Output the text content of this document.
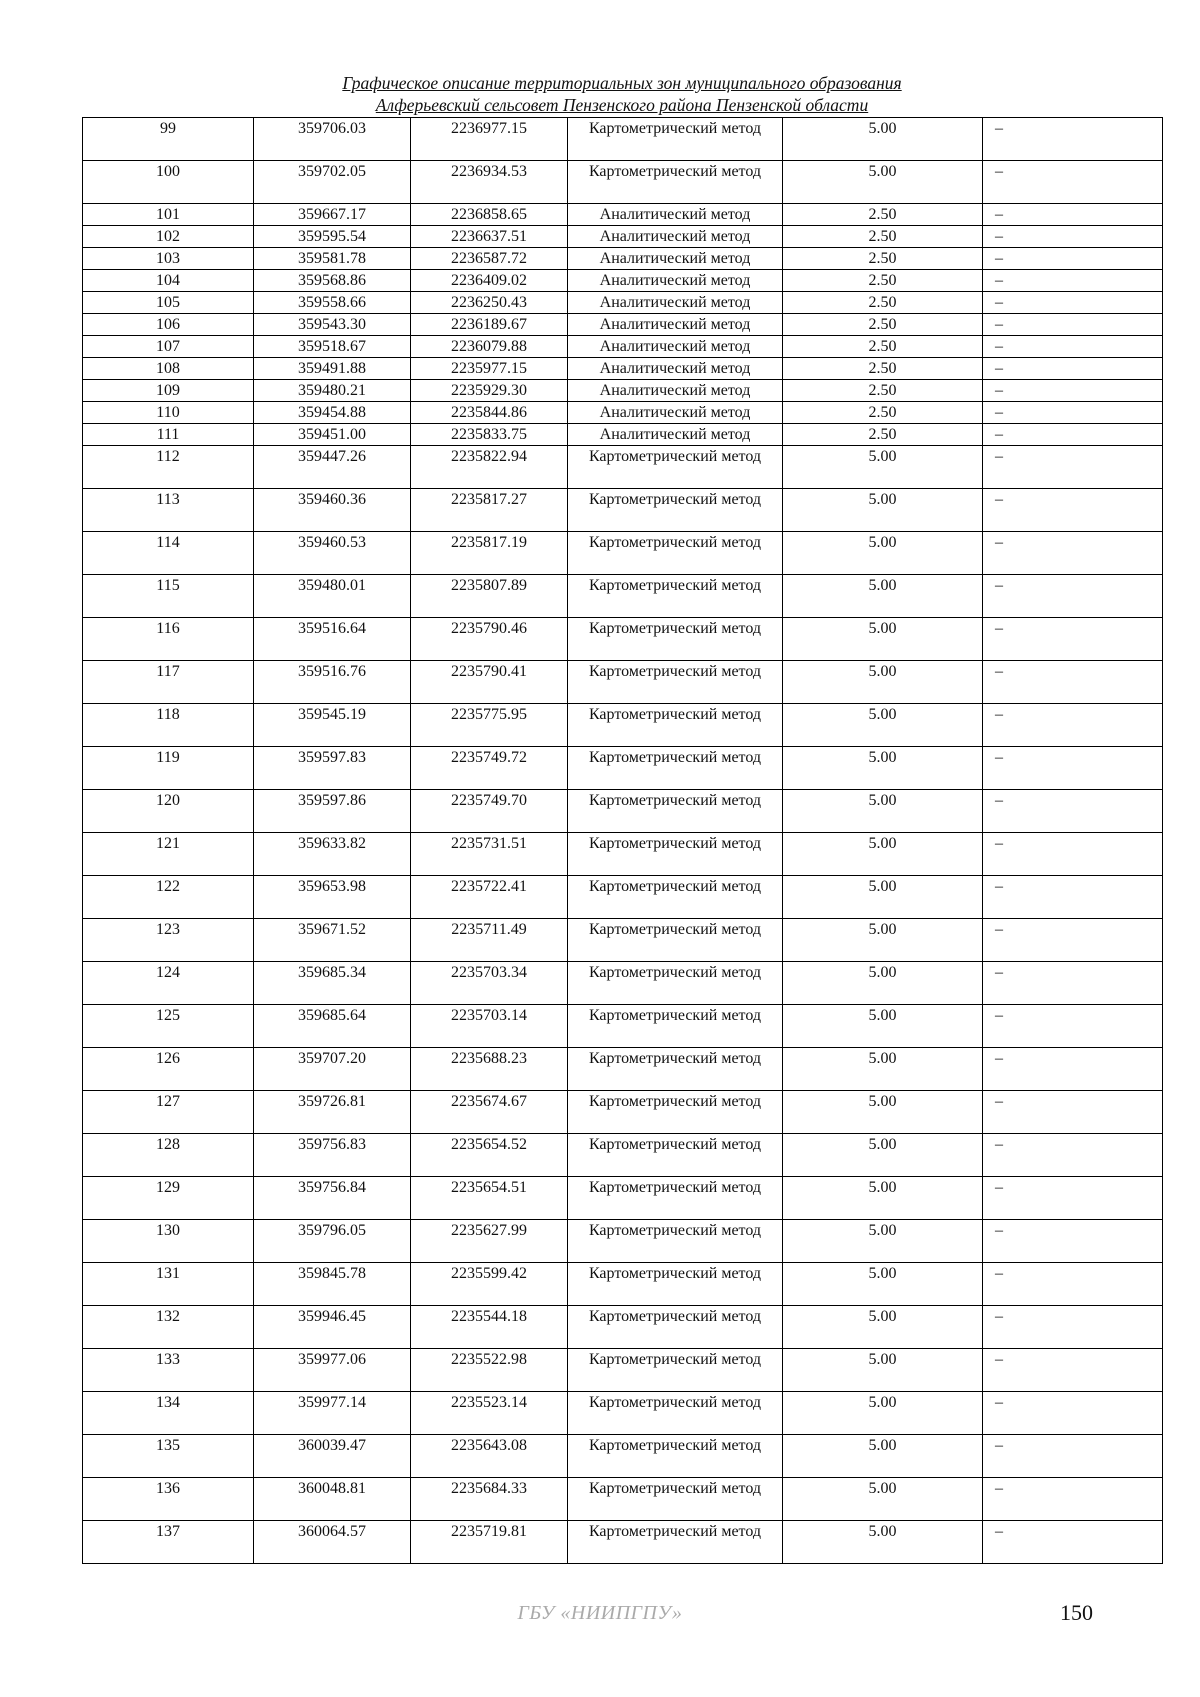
Графическое описание территориальных зон муниципального образования
Алферьевский сельсовет Пензенского района Пензенской области
99	359706.03	2236977.15	Картометрический метод	5.00	–
100	359702.05	2236934.53	Картометрический метод	5.00	–
101	359667.17	2236858.65	Аналитический метод	2.50	–
102	359595.54	2236637.51	Аналитический метод	2.50	–
103	359581.78	2236587.72	Аналитический метод	2.50	–
104	359568.86	2236409.02	Аналитический метод	2.50	–
105	359558.66	2236250.43	Аналитический метод	2.50	–
106	359543.30	2236189.67	Аналитический метод	2.50	–
107	359518.67	2236079.88	Аналитический метод	2.50	–
108	359491.88	2235977.15	Аналитический метод	2.50	–
109	359480.21	2235929.30	Аналитический метод	2.50	–
110	359454.88	2235844.86	Аналитический метод	2.50	–
111	359451.00	2235833.75	Аналитический метод	2.50	–
112	359447.26	2235822.94	Картометрический метод	5.00	–
113	359460.36	2235817.27	Картометрический метод	5.00	–
114	359460.53	2235817.19	Картометрический метод	5.00	–
115	359480.01	2235807.89	Картометрический метод	5.00	–
116	359516.64	2235790.46	Картометрический метод	5.00	–
117	359516.76	2235790.41	Картометрический метод	5.00	–
118	359545.19	2235775.95	Картометрический метод	5.00	–
119	359597.83	2235749.72	Картометрический метод	5.00	–
120	359597.86	2235749.70	Картометрический метод	5.00	–
121	359633.82	2235731.51	Картометрический метод	5.00	–
122	359653.98	2235722.41	Картометрический метод	5.00	–
123	359671.52	2235711.49	Картометрический метод	5.00	–
124	359685.34	2235703.34	Картометрический метод	5.00	–
125	359685.64	2235703.14	Картометрический метод	5.00	–
126	359707.20	2235688.23	Картометрический метод	5.00	–
127	359726.81	2235674.67	Картометрический метод	5.00	–
128	359756.83	2235654.52	Картометрический метод	5.00	–
129	359756.84	2235654.51	Картометрический метод	5.00	–
130	359796.05	2235627.99	Картометрический метод	5.00	–
131	359845.78	2235599.42	Картометрический метод	5.00	–
132	359946.45	2235544.18	Картометрический метод	5.00	–
133	359977.06	2235522.98	Картометрический метод	5.00	–
134	359977.14	2235523.14	Картометрический метод	5.00	–
135	360039.47	2235643.08	Картометрический метод	5.00	–
136	360048.81	2235684.33	Картометрический метод	5.00	–
137	360064.57	2235719.81	Картометрический метод	5.00	–
ГБУ «НИИПГПУ»	150
